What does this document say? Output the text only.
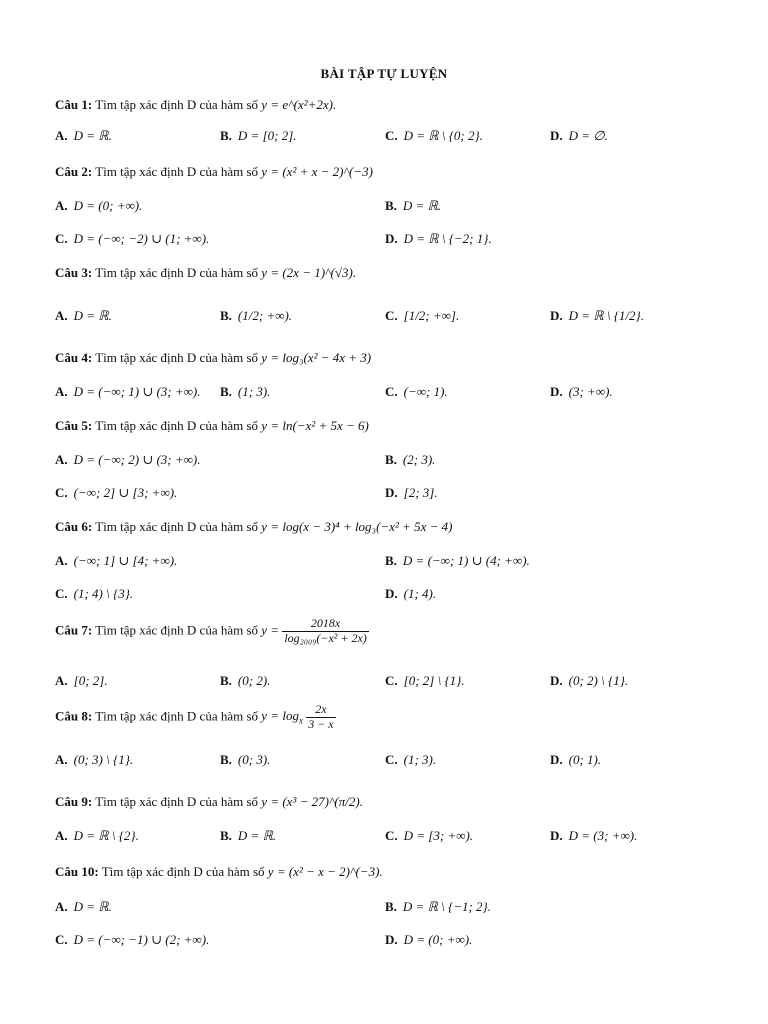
BÀI TẬP TỰ LUYỆN
Câu 1: Tìm tập xác định D của hàm số y = e^(x²+2x).
A. D = ℝ.	B. D = [0; 2].	C. D = ℝ \ {0; 2}.	D. D = ∅.
Câu 2: Tìm tập xác định D của hàm số y = (x² + x − 2)^(−3)
A. D = (0; +∞).	B. D = ℝ.
C. D = (−∞; −2) ∪ (1; +∞).	D. D = ℝ \ {−2; 1}.
Câu 3: Tìm tập xác định D của hàm số y = (2x − 1)^(√3).
A. D = ℝ.	B. (1/2; +∞).	C. [1/2; +∞].	D. D = ℝ \ {1/2}.
Câu 4: Tìm tập xác định D của hàm số y = log₃(x² − 4x + 3)
A. D = (−∞; 1) ∪ (3; +∞). B. (1; 3).	C. (−∞; 1).	D. (3; +∞).
Câu 5: Tìm tập xác định D của hàm số y = ln(−x² + 5x − 6)
A. D = (−∞; 2) ∪ (3; +∞).	B. (2; 3).
C. (−∞; 2] ∪ [3; +∞).	D. [2; 3].
Câu 6: Tìm tập xác định D của hàm số y = log(x − 3)⁴ + log₃(−x² + 5x − 4)
A. (−∞; 1] ∪ [4; +∞).	B. D = (−∞; 1) ∪ (4; +∞).
C. (1; 4) \ {3}.	D. (1; 4).
Câu 7: Tìm tập xác định D của hàm số $y = \frac{2018x}{\text{log₂₀₀₉(−x² + 2x)}}$
A. [0; 2].	B. (0; 2).	C. [0; 2] \ {1}.	D. (0; 2) \ {1}.
Câu 8: Tìm tập xác định D của hàm số $y = \log_x \frac{2x}{3 - x}$
A. (0; 3) \ {1}.	B. (0; 3).	C. (1; 3).	D. (0; 1).
Câu 9: Tìm tập xác định D của hàm số y = (x³ − 27)^(π/2).
A. D = ℝ \ {2}.	B. D = ℝ.	C. D = [3; +∞).	D. D = (3; +∞).
Câu 10: Tìm tập xác định D của hàm số y = (x² − x − 2)^(−3).
A. D = ℝ.	B. D = ℝ \ {−1; 2}.
C. D = (−∞; −1) ∪ (2; +∞).	D. D = (0; +∞).
